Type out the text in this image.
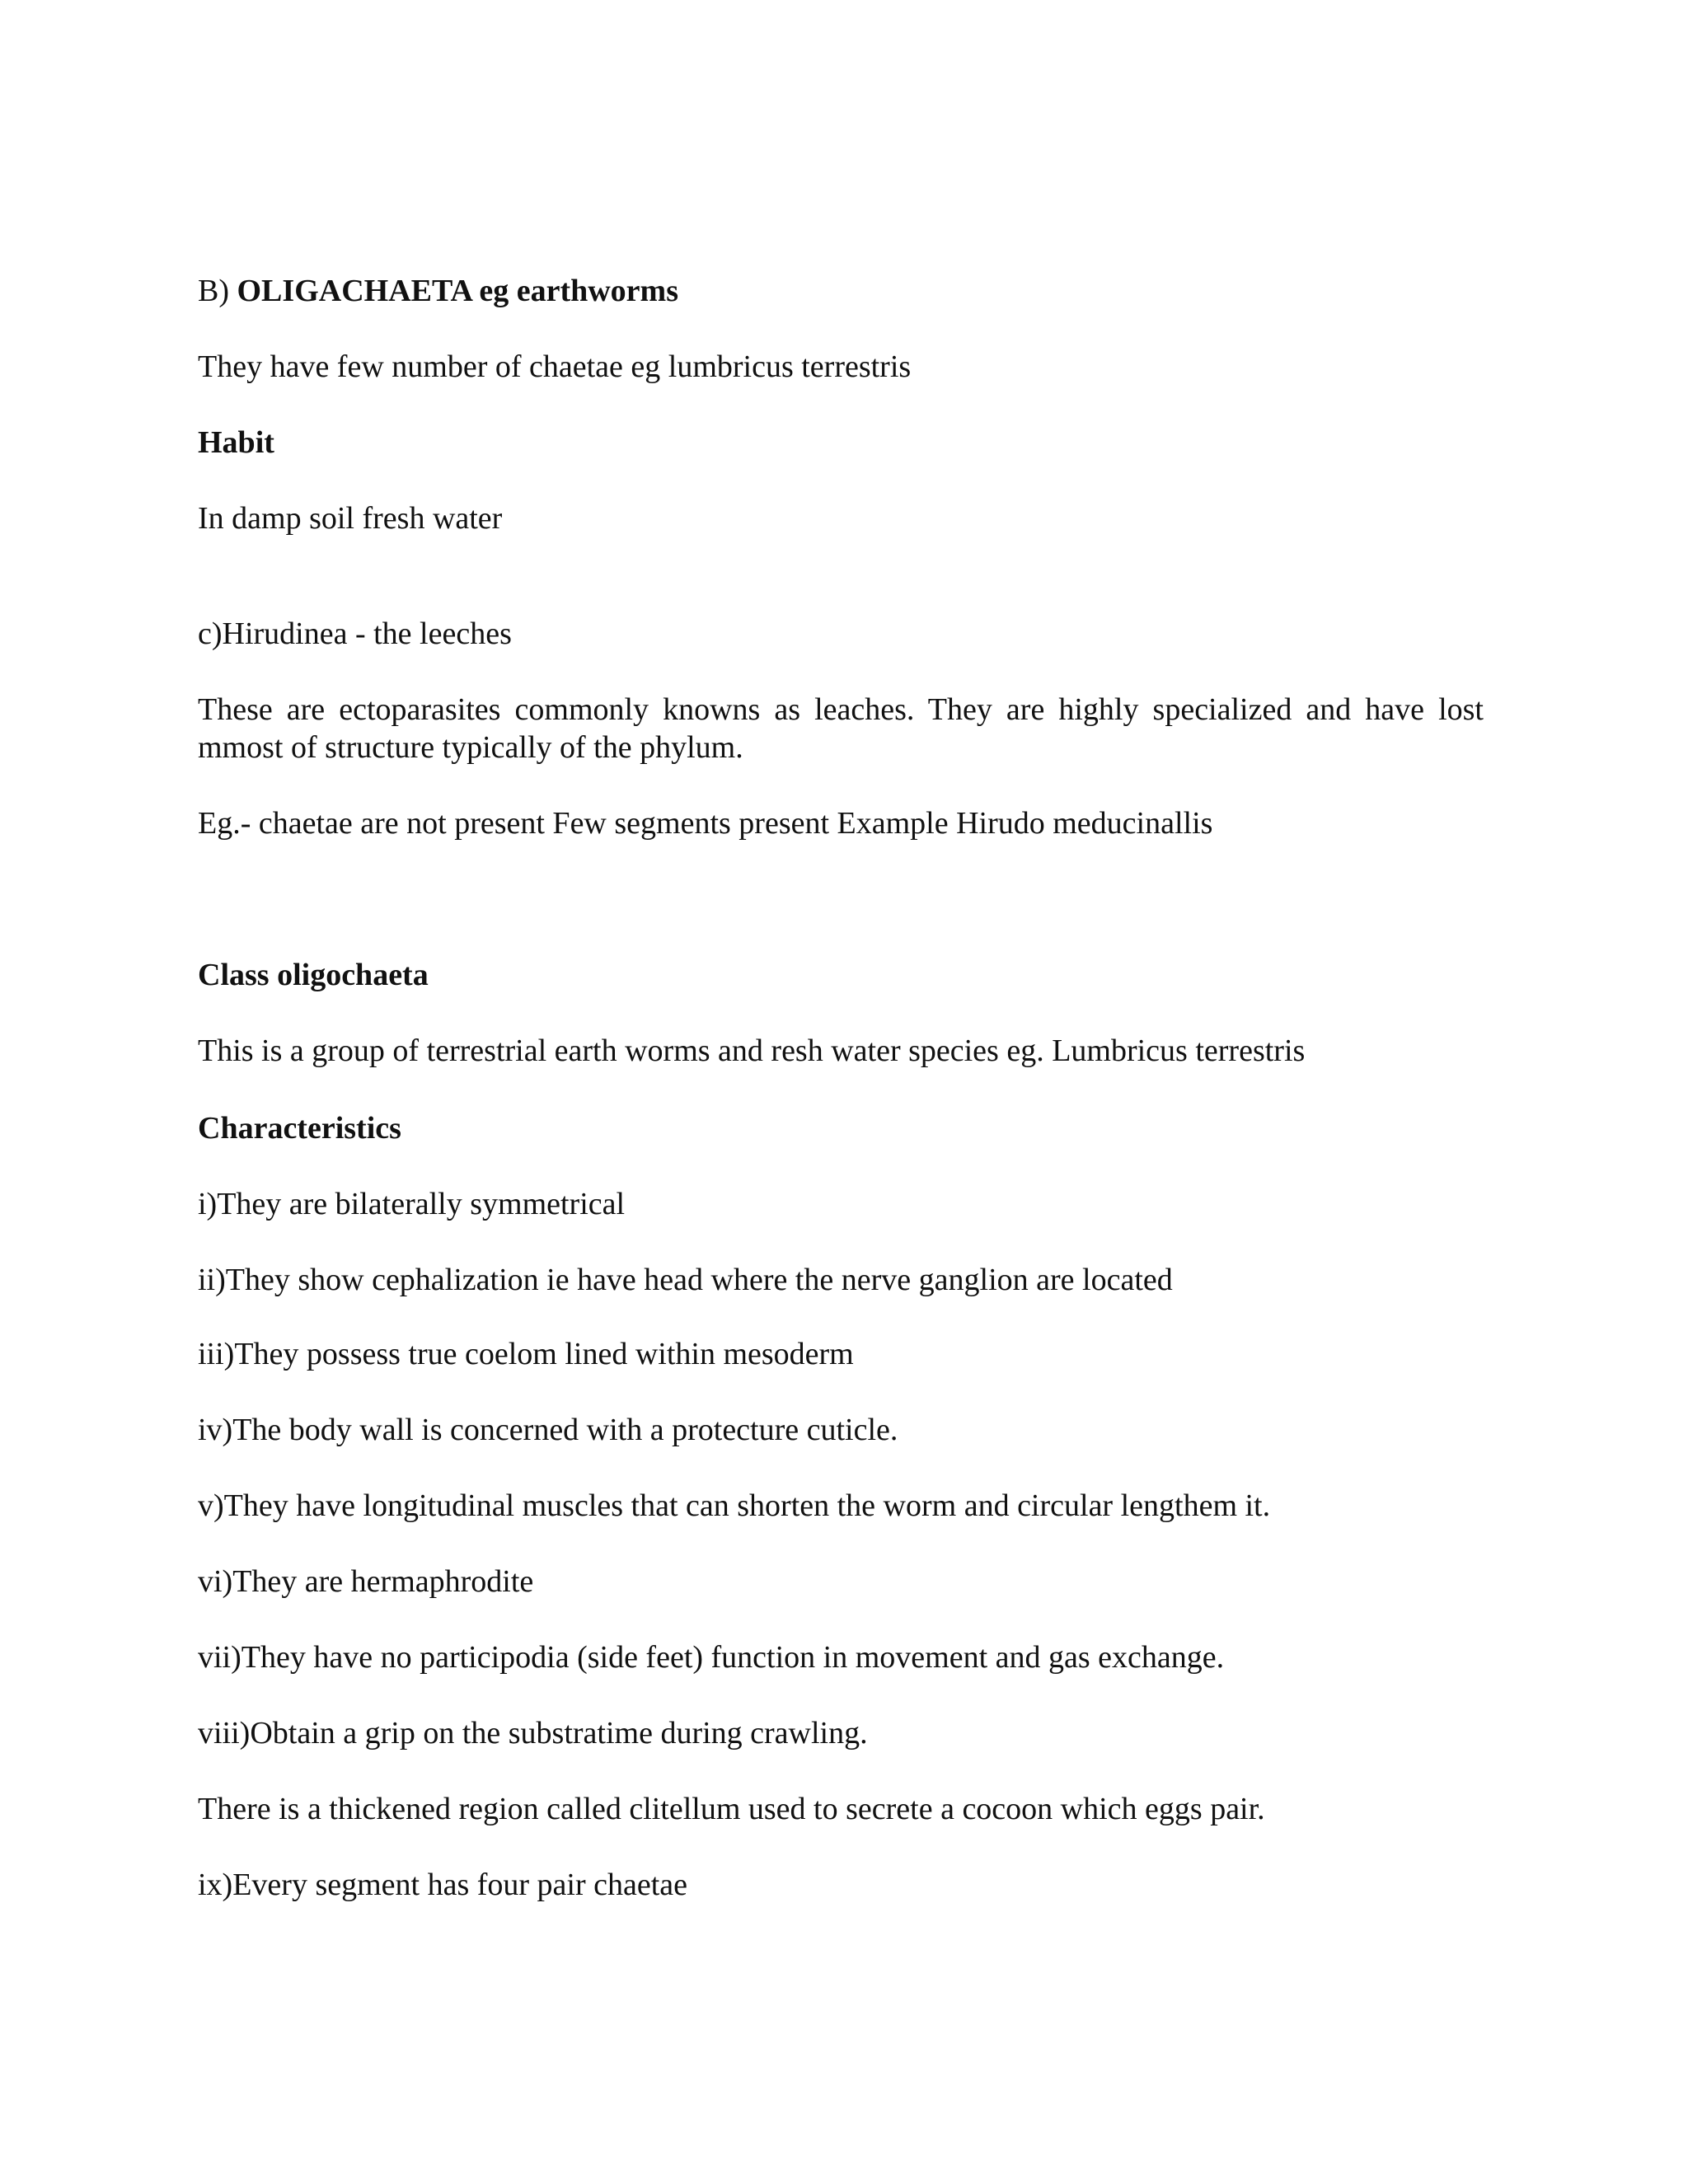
B) OLIGACHAETA eg earthworms
They have few number of chaetae eg lumbricus terrestris
Habit
In damp soil fresh water
c)Hirudinea - the leeches
These are ectoparasites commonly knowns as leaches. They are highly specialized and have lost mmost of structure typically of the phylum.
Eg.- chaetae are not present Few segments present Example Hirudo meducinallis
Class oligochaeta
This is a group of terrestrial earth worms and resh water species eg. Lumbricus terrestris
Characteristics
i)They are bilaterally symmetrical
ii)They show cephalization ie have head where the nerve ganglion are located
iii)They possess true coelom lined within mesoderm
iv)The body wall is concerned with a protecture cuticle.
v)They have longitudinal muscles that can shorten the worm and circular lengthem it.
vi)They are hermaphrodite
vii)They have no participodia (side feet) function in movement and gas exchange.
viii)Obtain a grip on the substratime during crawling.
There is a thickened region called clitellum used to secrete a cocoon which eggs pair.
ix)Every segment has four pair chaetae
